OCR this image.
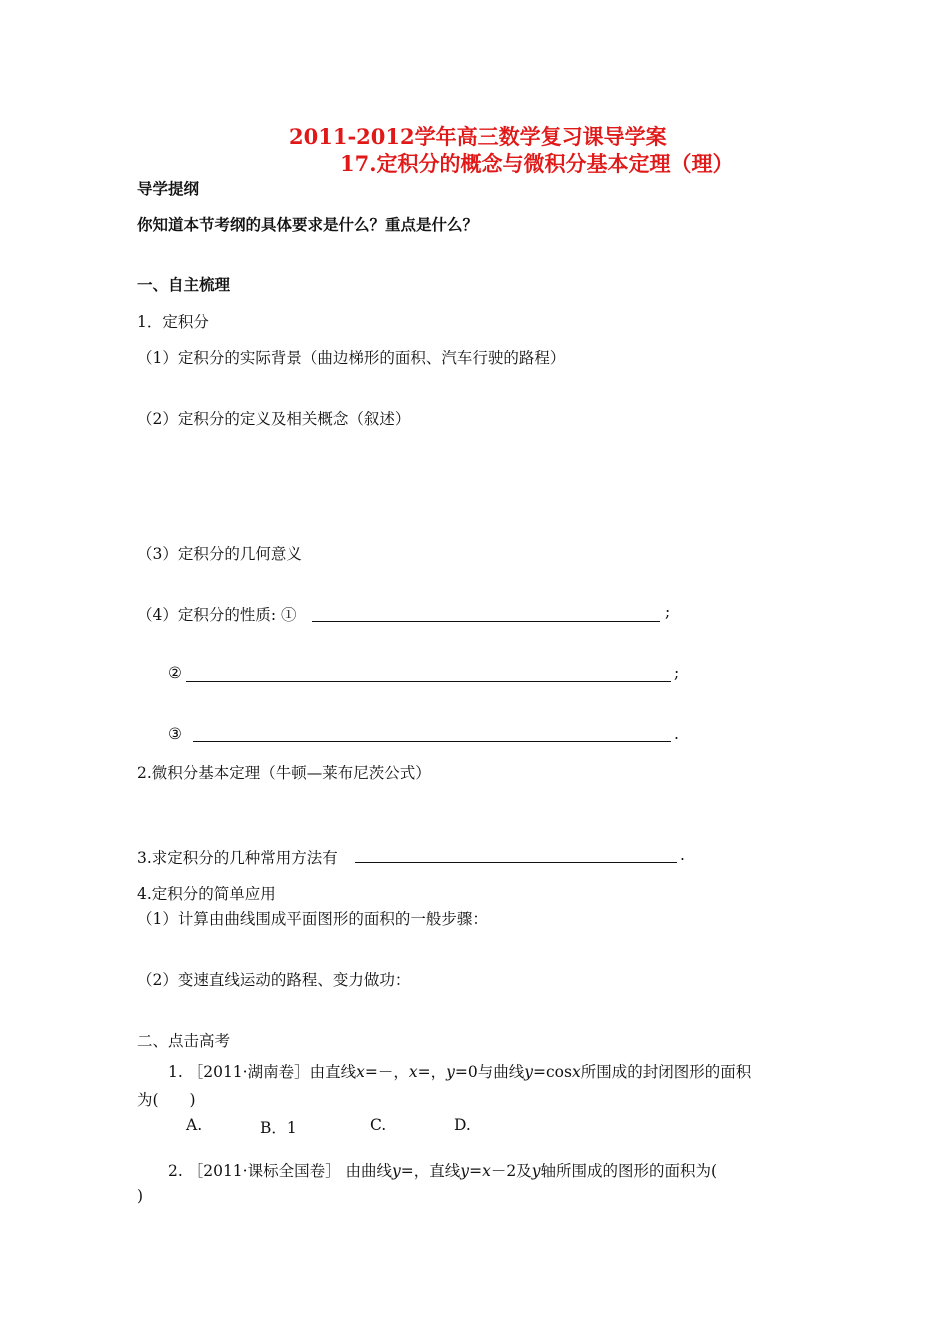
2011-2012学年高三数学复习课导学案
17.定积分的概念与微积分基本定理（理）
导学提纲
你知道本节考纲的具体要求是什么？重点是什么？
一、自主梳理
1．定积分
（1）定积分的实际背景（曲边梯形的面积、汽车行驶的路程）
（2）定积分的定义及相关概念（叙述）
（3）定积分的几何意义
（4）定积分的性质: ①	;
②	;
③	.
2.微积分基本定理（牛顿—莱布尼茨公式）
3.求定积分的几种常用方法有	.
4.定积分的简单应用
（1）计算由曲线围成平面图形的面积的一般步骤：
（2）变速直线运动的路程、变力做功：
二、点击高考
1. ［2011·湖南卷］由直线x=－，x=，y=0与曲线y=cosx所围成的封闭图形的面积
为(　　)
A.	B．1	C.	D.
2. ［2011·课标全国卷］ 由曲线y=，直线y=x－2及y轴所围成的图形的面积为(
)
